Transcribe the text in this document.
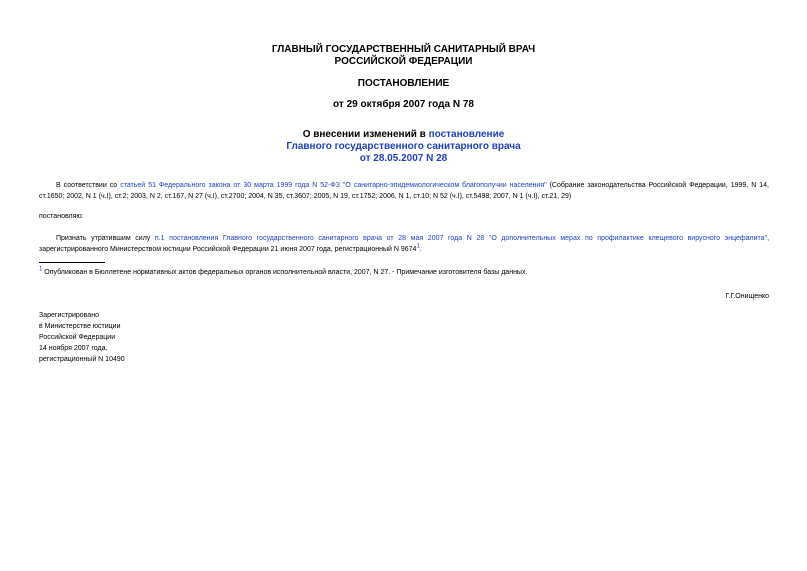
ГЛАВНЫЙ ГОСУДАРСТВЕННЫЙ САНИТАРНЫЙ ВРАЧ
РОССИЙСКОЙ ФЕДЕРАЦИИ
ПОСТАНОВЛЕНИЕ
от 29 октября 2007 года N 78
О внесении изменений в постановление
Главного государственного санитарного врача
от 28.05.2007 N 28
В соответствии со статьей 51 Федерального закона от 30 марта 1999 года N 52-ФЗ "О санитарно-эпидемиологическом благополучии населения" (Собрание законодательства Российской Федерации, 1999, N 14, ст.1650; 2002, N 1 (ч.I), ст.2; 2003, N 2, ст.167, N 27 (ч.I), ст.2700; 2004, N 35, ст.3607; 2005, N 19, ст.1752; 2006, N 1, ст.10; N 52 (ч.I), ст.5498; 2007, N 1 (ч.I), ст.21, 29)
постановляю:
Признать утратившим силу п.1 постановления Главного государственного санитарного врача от 28 мая 2007 года N 28 "О дополнительных мерах по профилактике клещевого вирусного энцефалита", зарегистрированного Министерством юстиции Российской Федерации 21 июня 2007 года, регистрационный N 96741.
1 Опубликован в Бюллетене нормативных актов федеральных органов исполнительной власти, 2007, N 27. - Примечание изготовителя базы данных.
Г.Г.Онищенко
Зарегистрировано
в Министерстве юстиции
Российской Федерации
14 ноября 2007 года,
регистрационный N 10490
